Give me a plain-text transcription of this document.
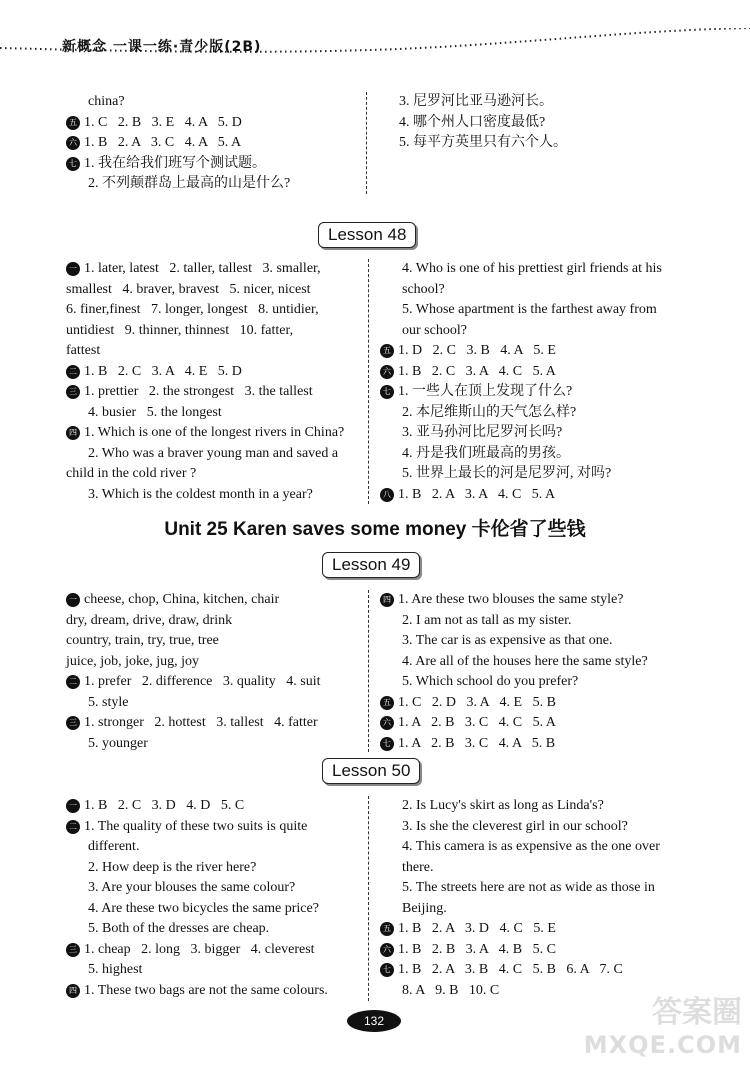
新概念 一课一练·青少版(2B)
china?
五 1. C   2. B   3. E   4. A   5. D
六 1. B   2. A   3. C   4. A   5. A
七 1. 我在给我们班写个测试题。
2. 不列颠群岛上最高的山是什么?
3. 尼罗河比亚马逊河长。
4. 哪个州人口密度最低?
5. 每平方英里只有六个人。
Lesson 48
一 1. later, latest   2. taller, tallest   3. smaller,
smallest   4. braver, bravest   5. nicer, nicest
6. finer,finest   7. longer, longest   8. untidier,
untidiest   9. thinner, thinnest   10. fatter,
fattest
二 1. B   2. C   3. A   4. E   5. D
三 1. prettier   2. the strongest   3. the tallest
4. busier   5. the longest
四 1. Which is one of the longest rivers in China?
2. Who was a braver young man and saved a
child in the cold river ?
3. Which is the coldest month in a year?
4. Who is one of his prettiest girl friends at his
school?
5. Whose apartment is the farthest away from
our school?
五 1. D   2. C   3. B   4. A   5. E
六 1. B   2. C   3. A   4. C   5. A
七 1. 一些人在顶上发现了什么?
2. 本尼维斯山的天气怎么样?
3. 亚马孙河比尼罗河长吗?
4. 丹是我们班最高的男孩。
5. 世界上最长的河是尼罗河, 对吗?
八 1. B   2. A   3. A   4. C   5. A
Unit 25 Karen saves some money 卡伦省了些钱
Lesson 49
一 cheese, chop, China, kitchen, chair
dry, dream, drive, draw, drink
country, train, try, true, tree
juice, job, joke, jug, joy
二 1. prefer   2. difference   3. quality   4. suit
5. style
三 1. stronger   2. hottest   3. tallest   4. fatter
5. younger
四 1. Are these two blouses the same style?
2. I am not as tall as my sister.
3. The car is as expensive as that one.
4. Are all of the houses here the same style?
5. Which school do you prefer?
五 1. C   2. D   3. A   4. E   5. B
六 1. A   2. B   3. C   4. C   5. A
七 1. A   2. B   3. C   4. A   5. B
Lesson 50
一 1. B   2. C   3. D   4. D   5. C
二 1. The quality of these two suits is quite
different.
2. How deep is the river here?
3. Are your blouses the same colour?
4. Are these two bicycles the same price?
5. Both of the dresses are cheap.
三 1. cheap   2. long   3. bigger   4. cleverest
5. highest
四 1. These two bags are not the same colours.
2. Is Lucy's skirt as long as Linda's?
3. Is she the cleverest girl in our school?
4. This camera is as expensive as the one over
there.
5. The streets here are not as wide as those in
Beijing.
五 1. B   2. A   3. D   4. C   5. E
六 1. B   2. B   3. A   4. B   5. C
七 1. B   2. A   3. B   4. C   5. B   6. A   7. C
8. A   9. B   10. C
132	答案圈
MXQE.COM
